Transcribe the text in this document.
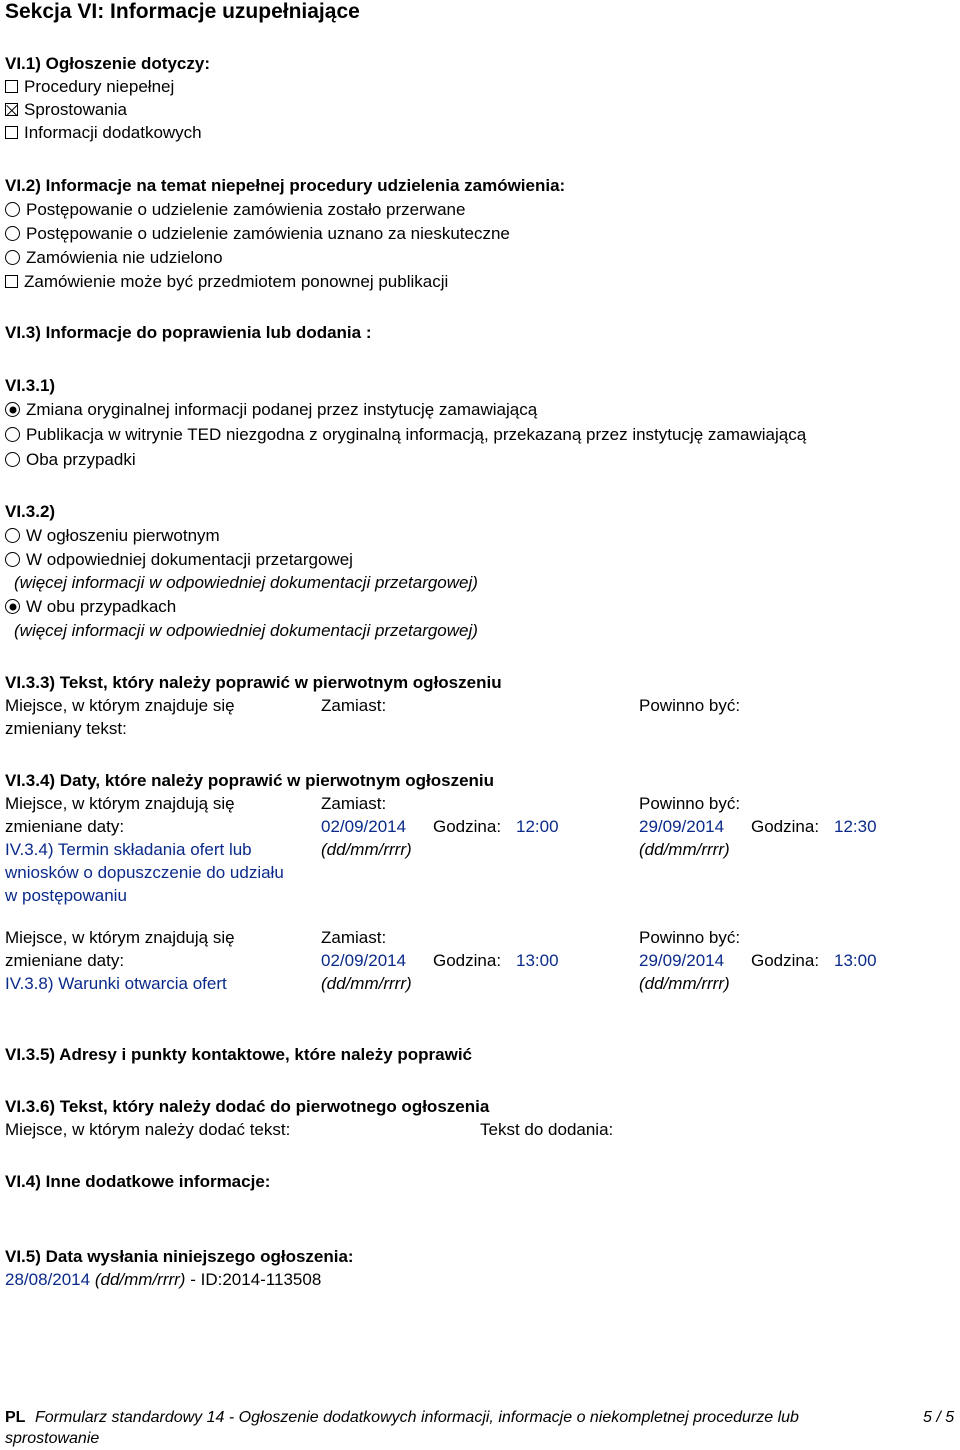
Sekcja VI: Informacje uzupełniające
VI.1) Ogłoszenie dotyczy:
Procedury niepełnej
Sprostowania
Informacji dodatkowych
VI.2) Informacje na temat niepełnej procedury udzielenia zamówienia:
Postępowanie o udzielenie zamówienia zostało przerwane
Postępowanie o udzielenie zamówienia uznano za nieskuteczne
Zamówienia nie udzielono
Zamówienie może być przedmiotem ponownej publikacji
VI.3) Informacje do poprawienia lub dodania :
VI.3.1)
Zmiana oryginalnej informacji podanej przez instytucję zamawiającą
Publikacja w witrynie TED niezgodna z oryginalną informacją, przekazaną przez instytucję zamawiającą
Oba przypadki
VI.3.2)
W ogłoszeniu pierwotnym
W odpowiedniej dokumentacji przetargowej
(więcej informacji w odpowiedniej dokumentacji przetargowej)
W obu przypadkach
(więcej informacji w odpowiedniej dokumentacji przetargowej)
VI.3.3) Tekst, który należy poprawić w pierwotnym ogłoszeniu
Miejsce, w którym znajduje się
zmieniany tekst:
Zamiast:	Powinno być:
VI.3.4) Daty, które należy poprawić w pierwotnym ogłoszeniu
Miejsce, w którym znajdują się
zmieniane daty:
IV.3.4) Termin składania ofert lub
wniosków o dopuszczenie do udziału
w postępowaniu
Zamiast:
02/09/2014 Godzina: 12:00
(dd/mm/rrrr)
Powinno być:
29/09/2014 Godzina: 12:30
(dd/mm/rrrr)
Miejsce, w którym znajdują się
zmieniane daty:
IV.3.8) Warunki otwarcia ofert
Zamiast:
02/09/2014 Godzina: 13:00
(dd/mm/rrrr)
Powinno być:
29/09/2014 Godzina: 13:00
(dd/mm/rrrr)
VI.3.5) Adresy i punkty kontaktowe, które należy poprawić
VI.3.6) Tekst, który należy dodać do pierwotnego ogłoszenia
Miejsce, w którym należy dodać tekst:	Tekst do dodania:
VI.4) Inne dodatkowe informacje:
VI.5) Data wysłania niniejszego ogłoszenia:
28/08/2014 (dd/mm/rrrr) - ID:2014-113508
PL Formularz standardowy 14 - Ogłoszenie dodatkowych informacji, informacje o niekompletnej procedurze lub
sprostowanie
5 / 5
